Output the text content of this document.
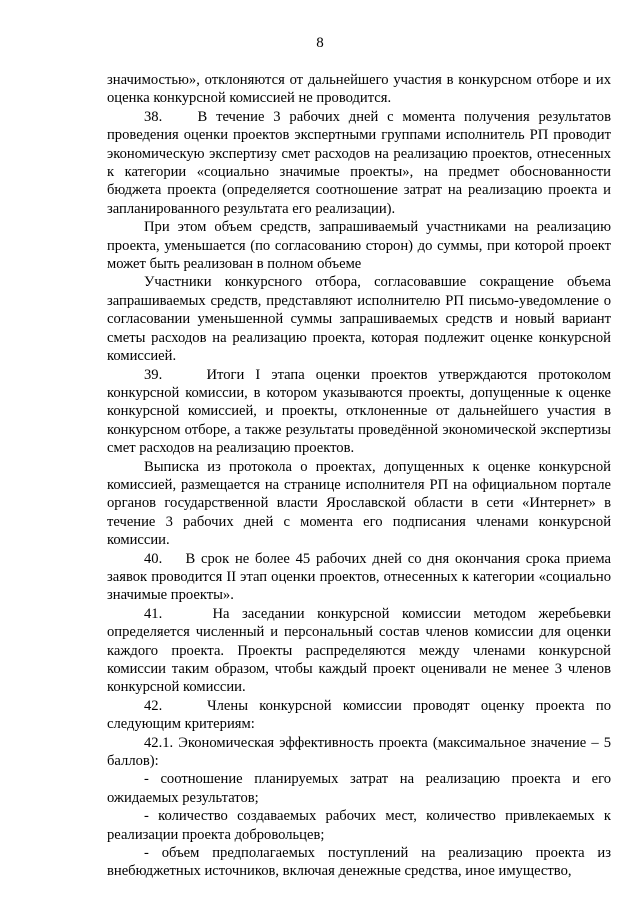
8

значимостью», отклоняются от дальнейшего участия в конкурсном отборе и их оценка конкурсной комиссией не проводится.

38.    В течение 3 рабочих дней с момента получения результатов проведения оценки проектов экспертными группами исполнитель РП проводит экономическую экспертизу смет расходов на реализацию проектов, отнесенных к категории «социально значимые проекты», на предмет обоснованности бюджета проекта (определяется соотношение затрат на реализацию проекта и запланированного результата его реализации).

При этом объем средств, запрашиваемый участниками на реализацию проекта, уменьшается (по согласованию сторон) до суммы, при которой проект может быть реализован в полном объеме

Участники конкурсного отбора, согласовавшие сокращение объема запрашиваемых средств, представляют исполнителю РП письмо-уведомление о согласовании уменьшенной суммы запрашиваемых средств и новый вариант сметы расходов на реализацию проекта, которая подлежит оценке конкурсной комиссией.

39.    Итоги I этапа оценки проектов утверждаются протоколом конкурсной комиссии, в котором указываются проекты, допущенные к оценке конкурсной комиссией, и проекты, отклоненные от дальнейшего участия в конкурсном отборе, а также результаты проведённой экономической экспертизы смет расходов на реализацию проектов.

Выписка из протокола о проектах, допущенных к оценке конкурсной комиссией, размещается на странице исполнителя РП на официальном портале органов государственной власти Ярославской области в сети «Интернет» в течение 3 рабочих дней с момента его подписания членами конкурсной комиссии.

40.    В срок не более 45 рабочих дней со дня окончания срока приема заявок проводится II этап оценки проектов, отнесенных к категории «социально значимые проекты».

41.    На заседании конкурсной комиссии методом жеребьевки определяется численный и персональный состав членов комиссии для оценки каждого проекта. Проекты распределяются между членами конкурсной комиссии таким образом, чтобы каждый проект оценивали не менее 3 членов конкурсной комиссии.

42.    Члены конкурсной комиссии проводят оценку проекта по следующим критериям:

42.1. Экономическая эффективность проекта (максимальное значение – 5 баллов):

- соотношение планируемых затрат на реализацию проекта и его ожидаемых результатов;

- количество создаваемых рабочих мест, количество привлекаемых к реализации проекта добровольцев;

- объем предполагаемых поступлений на реализацию проекта из внебюджетных источников, включая денежные средства, иное имущество,
